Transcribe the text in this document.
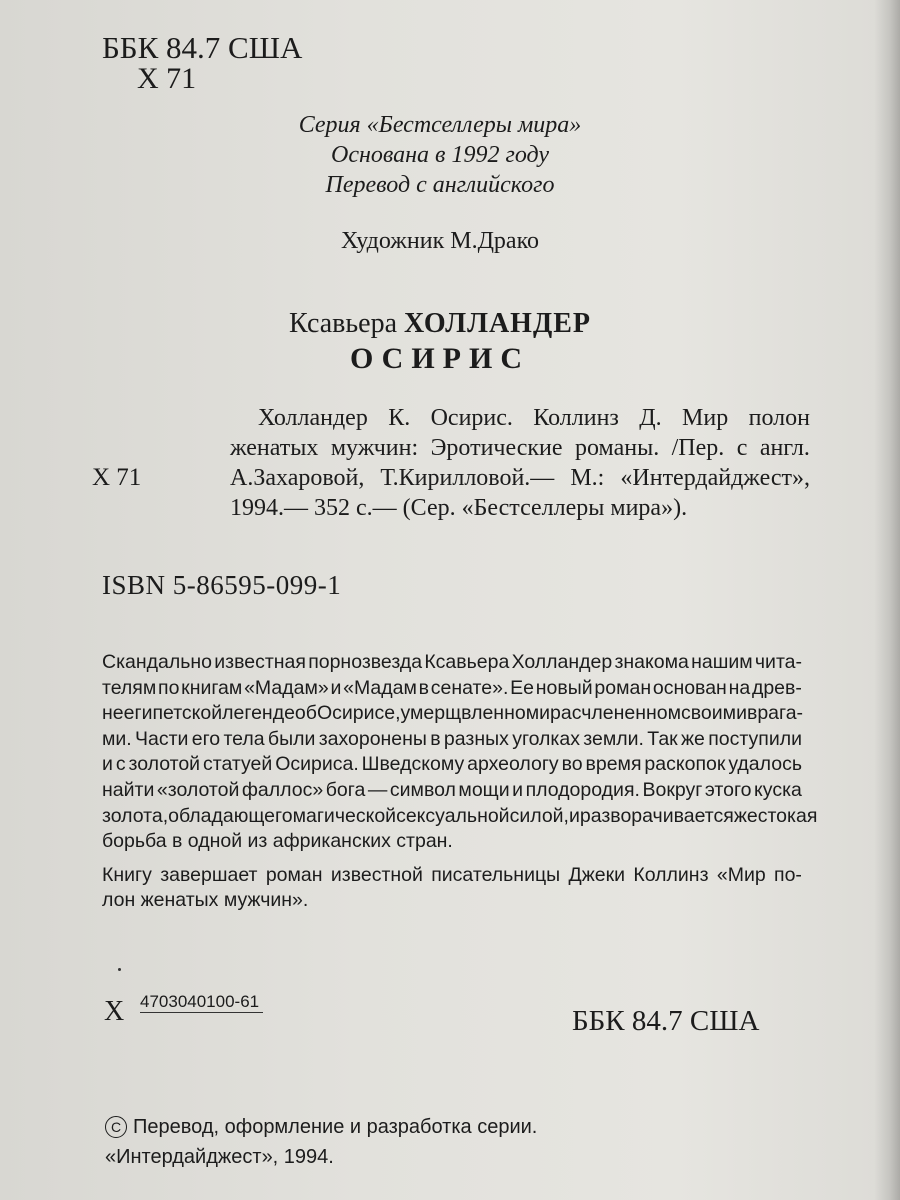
ББК 84.7 США
Х 71
Серия «Бестселлеры мира»
Основана в 1992 году
Перевод с английского
Художник М.Драко
Ксавьера ХОЛЛАНДЕР
ОСИРИС
Х 71
Холландер К. Осирис. Коллинз Д. Мир полон
женатых мужчин: Эротические романы. /Пер. с англ.
А.Захаровой, Т.Кирилловой.— М.: «Интердайджест»,
1994.— 352 с.— (Сер. «Бестселлеры мира»).
ISBN 5-86595-099-1
Скандально известная порнозвезда Ксавьера Холландер знакома нашим чита-
телям по книгам «Мадам» и «Мадам в сенате». Ее новый роман основан на древ-
неегипетской легенде об Осирисе, умерщвленном и расчлененном своими врага-
ми. Части его тела были захоронены в разных уголках земли. Так же поступили
и с золотой статуей Осириса. Шведскому археологу во время раскопок удалось
найти «золотой фаллос» бога — символ мощи и плодородия. Вокруг этого куска
золота, обладающего магической сексуальной силой, и разворачивается жестокая
борьба в одной из африканских стран.
Книгу завершает роман известной писательницы Джеки Коллинз «Мир по-
лон женатых мужчин».
Х 4703040100-61
ББК 84.7 США
C Перевод, оформление и разработка серии.
«Интердайджест», 1994.
